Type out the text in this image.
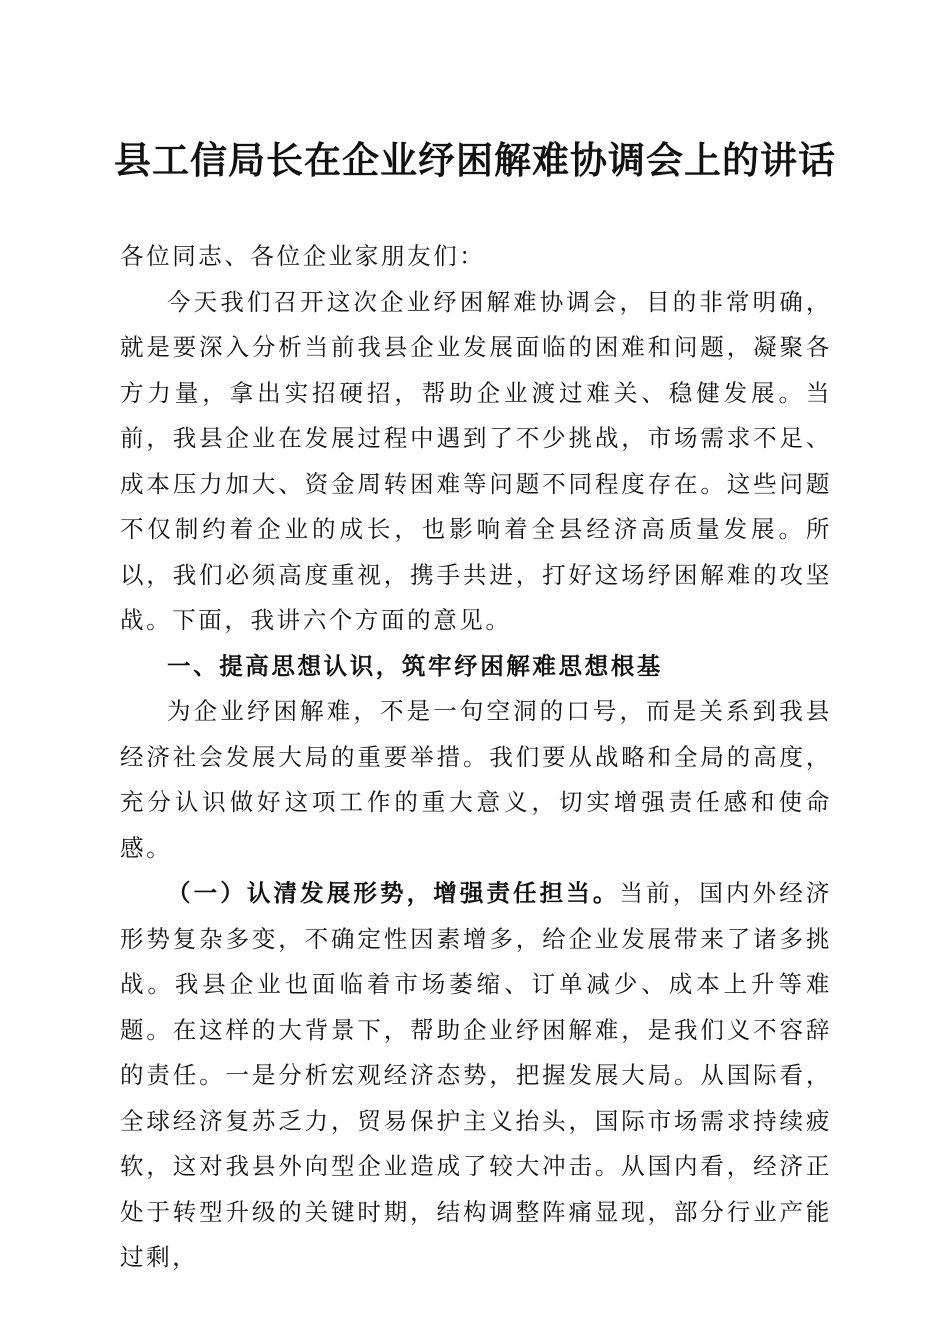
县工信局长在企业纾困解难协调会上的讲话

各位同志、各位企业家朋友们：

今天我们召开这次企业纾困解难协调会，目的非常明确，就是要深入分析当前我县企业发展面临的困难和问题，凝聚各方力量，拿出实招硬招，帮助企业渡过难关、稳健发展。当前，我县企业在发展过程中遇到了不少挑战，市场需求不足、成本压力加大、资金周转困难等问题不同程度存在。这些问题不仅制约着企业的成长，也影响着全县经济高质量发展。所以，我们必须高度重视，携手共进，打好这场纾困解难的攻坚战。下面，我讲六个方面的意见。

一、提高思想认识，筑牢纾困解难思想根基

为企业纾困解难，不是一句空洞的口号，而是关系到我县经济社会发展大局的重要举措。我们要从战略和全局的高度，充分认识做好这项工作的重大意义，切实增强责任感和使命感。

（一）认清发展形势，增强责任担当。当前，国内外经济形势复杂多变，不确定性因素增多，给企业发展带来了诸多挑战。我县企业也面临着市场萎缩、订单减少、成本上升等难题。在这样的大背景下，帮助企业纾困解难，是我们义不容辞的责任。一是分析宏观经济态势，把握发展大局。从国际看，全球经济复苏乏力，贸易保护主义抬头，国际市场需求持续疲软，这对我县外向型企业造成了较大冲击。从国内看，经济正处于转型升级的关键时期，结构调整阵痛显现，部分行业产能过剩，
